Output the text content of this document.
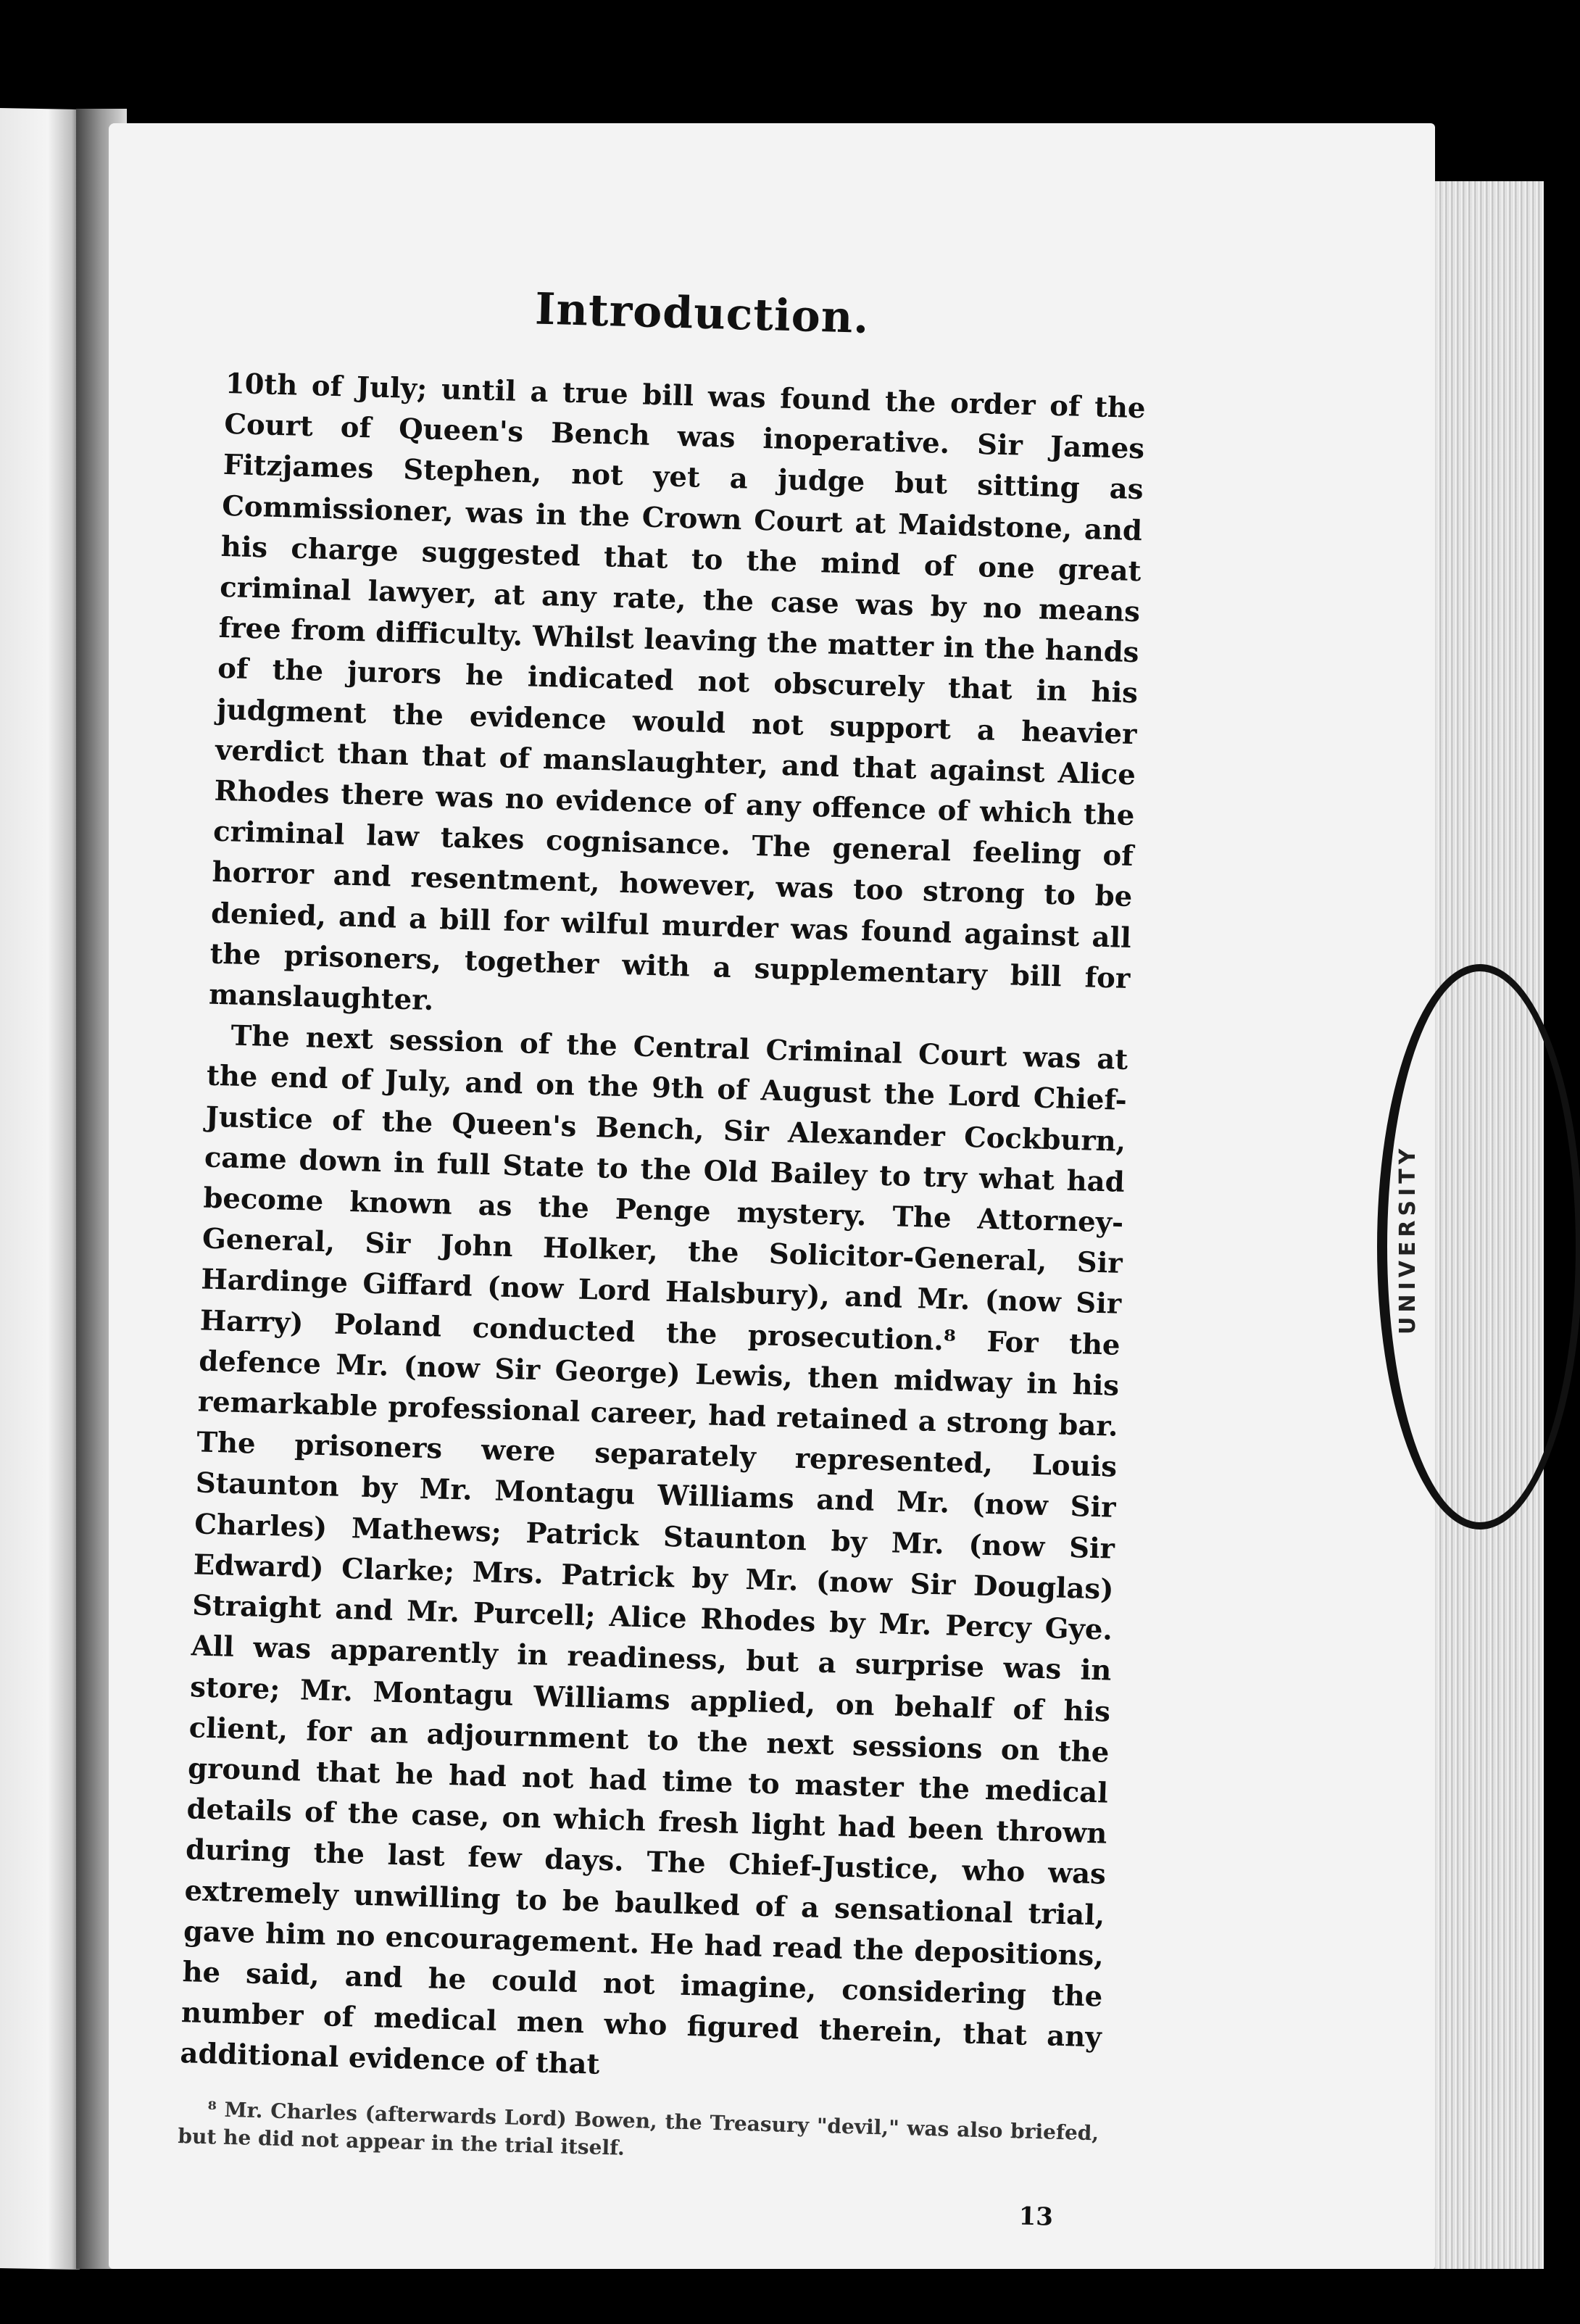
Introduction.

10th of July; until a true bill was found the order of the Court of Queen's Bench was inoperative. Sir James Fitzjames Stephen, not yet a judge but sitting as Commissioner, was in the Crown Court at Maidstone, and his charge suggested that to the mind of one great criminal lawyer, at any rate, the case was by no means free from difficulty. Whilst leaving the matter in the hands of the jurors he indicated not obscurely that in his judgment the evidence would not support a heavier verdict than that of manslaughter, and that against Alice Rhodes there was no evidence of any offence of which the criminal law takes cognisance. The general feeling of horror and resentment, however, was too strong to be denied, and a bill for wilful murder was found against all the prisoners, together with a supplementary bill for manslaughter.

The next session of the Central Criminal Court was at the end of July, and on the 9th of August the Lord Chief-Justice of the Queen's Bench, Sir Alexander Cockburn, came down in full State to the Old Bailey to try what had become known as the Penge mystery. The Attorney-General, Sir John Holker, the Solicitor-General, Sir Hardinge Giffard (now Lord Halsbury), and Mr. (now Sir Harry) Poland conducted the prosecution.⁸ For the defence Mr. (now Sir George) Lewis, then midway in his remarkable professional career, had retained a strong bar. The prisoners were separately represented, Louis Staunton by Mr. Montagu Williams and Mr. (now Sir Charles) Mathews; Patrick Staunton by Mr. (now Sir Edward) Clarke; Mrs. Patrick by Mr. (now Sir Douglas) Straight and Mr. Purcell; Alice Rhodes by Mr. Percy Gye. All was apparently in readiness, but a surprise was in store; Mr. Montagu Williams applied, on behalf of his client, for an adjournment to the next sessions on the ground that he had not had time to master the medical details of the case, on which fresh light had been thrown during the last few days. The Chief-Justice, who was extremely unwilling to be baulked of a sensational trial, gave him no encouragement. He had read the depositions, he said, and he could not imagine, considering the number of medical men who figured therein, that any additional evidence of that

⁸ Mr. Charles (afterwards Lord) Bowen, the Treasury "devil," was also briefed, but he did not appear in the trial itself.
13
UNIVERSITY
